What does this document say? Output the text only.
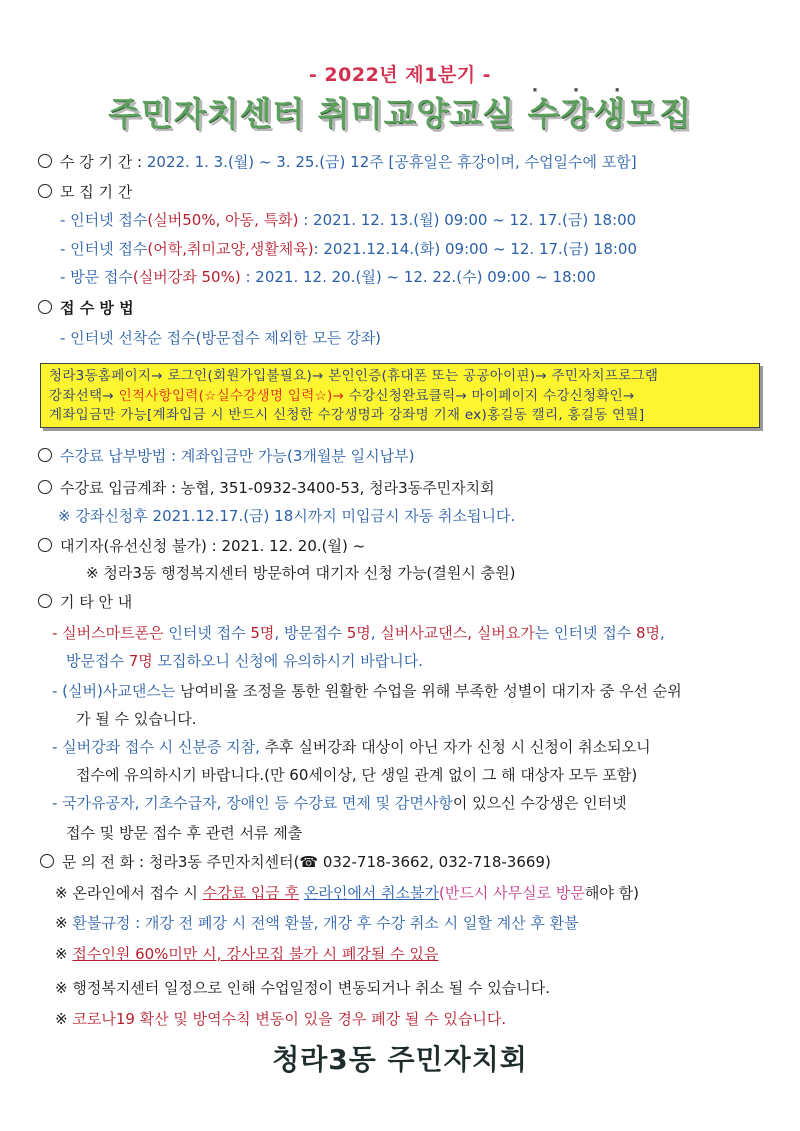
- 2022년 제1분기 -
주민자치센터 취미교양교실 · · · 수강생모집
수 강 기 간 : 2022. 1. 3.(월) ~ 3. 25.(금) 12주 [공휴일은 휴강이며, 수업일수에 포함]
모 집 기 간
- 인터넷 접수(실버50%, 아동, 특화) : 2021. 12. 13.(월) 09:00 ~ 12. 17.(금) 18:00
- 인터넷 접수(어학,취미교양,생활체육): 2021.12.14.(화) 09:00 ~ 12. 17.(금) 18:00
- 방문 접수(실버강좌 50%) : 2021. 12. 20.(월) ~ 12. 22.(수) 09:00 ~ 18:00
접 수 방 법
- 인터넷 선착순 접수(방문접수 제외한 모든 강좌)
청라3동홈페이지→ 로그인(회원가입불필요)→ 본인인증(휴대폰 또는 공공아이핀)→ 주민자치프로그램
강좌선택→ 인적사항입력(☆실수강생명 입력☆)→ 수강신청완료클릭→ 마이페이지 수강신청확인→
계좌입금만 가능[계좌입금 시 반드시 신청한 수강생명과 강좌명 기재 ex)홍길동 캘리, 홍길동 연필]
수강료 납부방법 : 계좌입금만 가능(3개월분 일시납부)
수강료 입금계좌 : 농협, 351-0932-3400-53, 청라3동주민자치회
※ 강좌신청후 2021.12.17.(금) 18시까지 미입금시 자동 취소됩니다.
대기자(유선신청 불가) : 2021. 12. 20.(월) ~
※ 청라3동 행정복지센터 방문하여 대기자 신청 가능(결원시 충원)
기 타 안 내
- 실버스마트폰은 인터넷 접수 5명, 방문접수 5명, 실버사교댄스, 실버요가는 인터넷 접수 8명,
방문접수 7명 모집하오니 신청에 유의하시기 바랍니다.
- (실버)사교댄스는 남여비율 조정을 통한 원활한 수업을 위해 부족한 성별이 대기자 중 우선 순위
가 될 수 있습니다.
- 실버강좌 접수 시 신분증 지참, 추후 실버강좌 대상이 아닌 자가 신청 시 신청이 취소되오니
접수에 유의하시기 바랍니다.(만 60세이상, 단 생일 관계 없이 그 해 대상자 모두 포함)
- 국가유공자, 기초수급자, 장애인 등 수강료 면제 및 감면사항이 있으신 수강생은 인터넷
접수 및 방문 접수 후 관련 서류 제출
문 의 전 화 : 청라3동 주민자치센터(☎ 032-718-3662, 032-718-3669)
※ 온라인에서 접수 시 수강료 입금 후 온라인에서 취소불가(반드시 사무실로 방문해야 함)
※ 환불규정 : 개강 전 폐강 시 전액 환불, 개강 후 수강 취소 시 일할 계산 후 환불
※ 접수인원 60%미만 시, 강사모집 불가 시 폐강될 수 있음
※ 행정복지센터 일정으로 인해 수업일정이 변동되거나 취소 될 수 있습니다.
※ 코로나19 확산 및 방역수칙 변동이 있을 경우 폐강 될 수 있습니다.
청라3동 주민자치회
